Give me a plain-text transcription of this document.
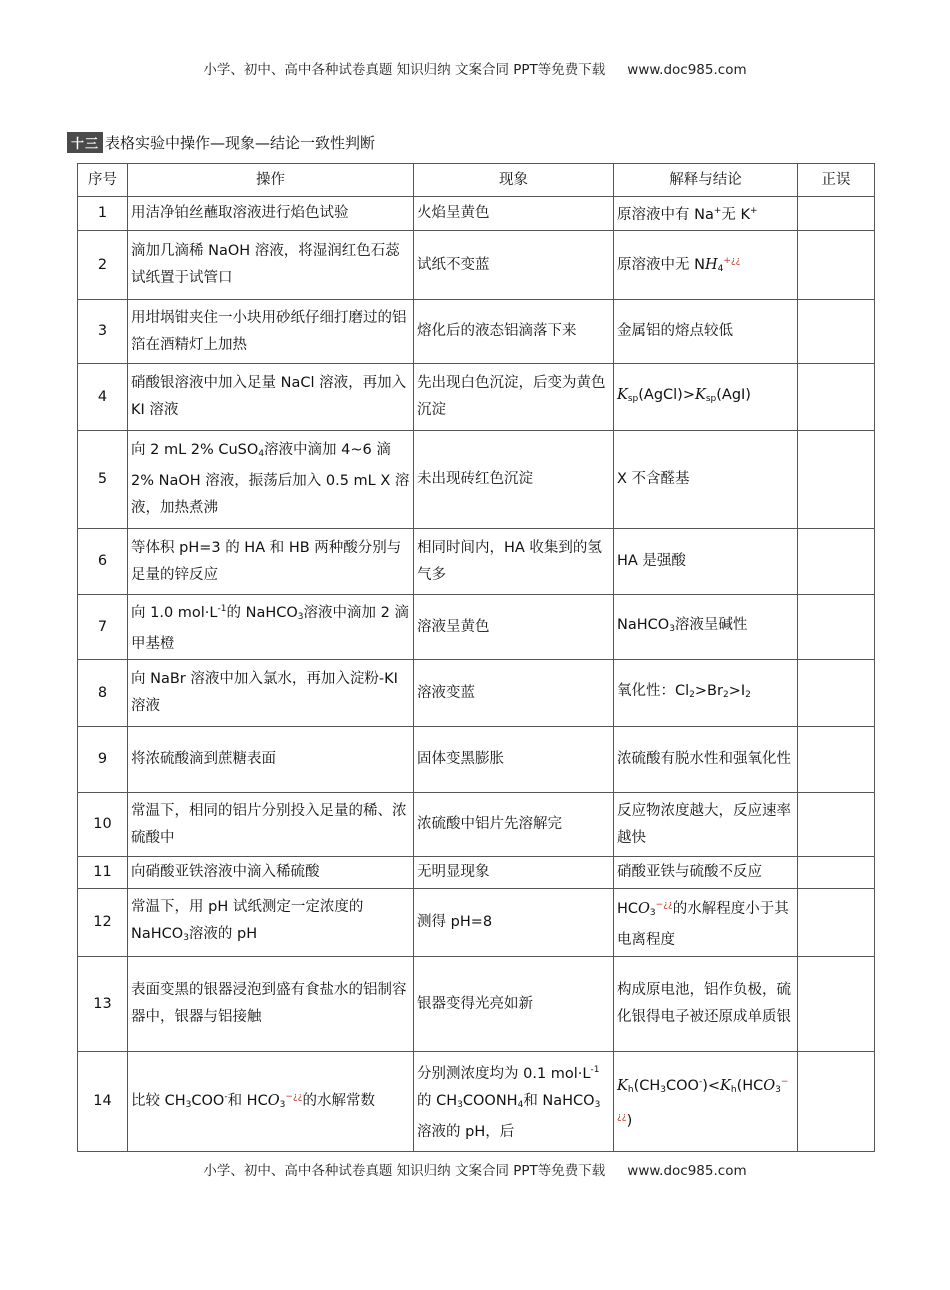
小学、初中、高中各种试卷真题 知识归纳 文案合同 PPT等免费下载 www.doc985.com
十三 表格实验中操作—现象—结论一致性判断
序号	操作	现象	解释与结论	正误
1	用洁净铂丝蘸取溶液进行焰色试验	火焰呈黄色	原溶液中有 Na+无 K+	
2	滴加几滴稀 NaOH 溶液，将湿润红色石蕊试纸置于试管口	试纸不变蓝	原溶液中无 $NH_4^{+¿¿}$	
3	用坩埚钳夹住一小块用砂纸仔细打磨过的铝箔在酒精灯上加热	熔化后的液态铝滴落下来	金属铝的熔点较低	
4	硝酸银溶液中加入足量 NaCl 溶液，再加入 KI 溶液	先出现白色沉淀，后变为黄色沉淀	$K_{sp}(AgCl)>K_{sp}(AgI)$	
5	向 2 mL 2% CuSO$_4$溶液中滴加 4~6 滴 2% NaOH 溶液，振荡后加入 0.5 mL X 溶液，加热煮沸	未出现砖红色沉淀	X 不含醛基	
6	等体积 pH=3 的 HA 和 HB 两种酸分别与足量的锌反应	相同时间内，HA 收集到的氢气多	HA 是强酸	
7	向 1.0 $mol\cdot L^{-1}$的 NaHCO$_3$溶液中滴加 2 滴甲基橙	溶液呈黄色	NaHCO$_3$溶液呈碱性	
8	向 NaBr 溶液中加入氯水，再加入淀粉-KI 溶液	溶液变蓝	氧化性：$Cl_2>Br_2>I_2$	
9	将浓硫酸滴到蔗糖表面	固体变黑膨胀	浓硫酸有脱水性和强氧化性	
10	常温下，相同的铝片分别投入足量的稀、浓硫酸中	浓硫酸中铝片先溶解完	反应物浓度越大，反应速率越快	
11	向硝酸亚铁溶液中滴入稀硫酸	无明显现象	硝酸亚铁与硫酸不反应	
12	常温下，用 pH 试纸测定一定浓度的 NaHCO$_3$溶液的 pH	测得 pH=8	$HCO_3^{-¿¿}$的水解程度小于其电离程度	
13	表面变黑的银器浸泡到盛有食盐水的铝制容器中，银器与铝接触	银器变得光亮如新	构成原电池，铝作负极，硫化银得电子被还原成单质银	
14	比较 $CH_3COO^-$和 $HCO_3^{-¿¿}$的水解常数	分别测浓度均为 0.1 $mol\cdot L^{-1}$的 $CH_3COONH_4$和 NaHCO$_3$溶液的 pH，后	$K_h(CH_3COO^-)<K_h(HCO_3^{-¿¿})$	
小学、初中、高中各种试卷真题 知识归纳 文案合同 PPT等免费下载 www.doc985.com
